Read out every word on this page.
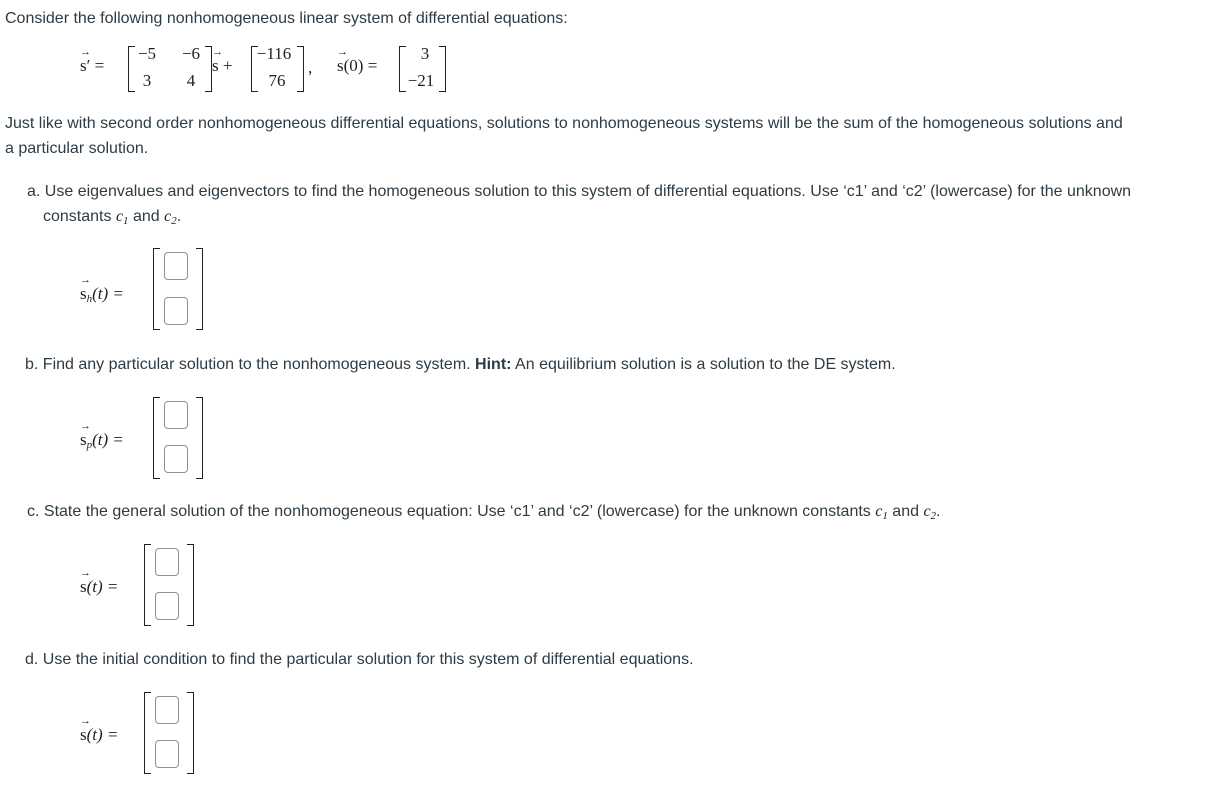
Consider the following nonhomogeneous linear system of differential equations:
→
s′ =
−5	−6
3	4
→
s +
−116
76
,
→
s(0) =
3
−21
Just like with second order nonhomogeneous differential equations, solutions to nonhomogeneous systems will be the sum of the homogeneous solutions and
a particular solution.
a. Use eigenvalues and eigenvectors to find the homogeneous solution to this system of differential equations. Use ‘c1’ and ‘c2’ (lowercase) for the unknown
constants $c_1$ and $c_2$.
→
$s_h(t)$ =
b. Find any particular solution to the nonhomogeneous system. Hint: An equilibrium solution is a solution to the DE system.
→
$s_p(t)$ =
c. State the general solution of the nonhomogeneous equation: Use ‘c1’ and ‘c2’ (lowercase) for the unknown constants $c_1$ and $c_2$.
→
s(t) =
d. Use the initial condition to find the particular solution for this system of differential equations.
→
s(t) =
